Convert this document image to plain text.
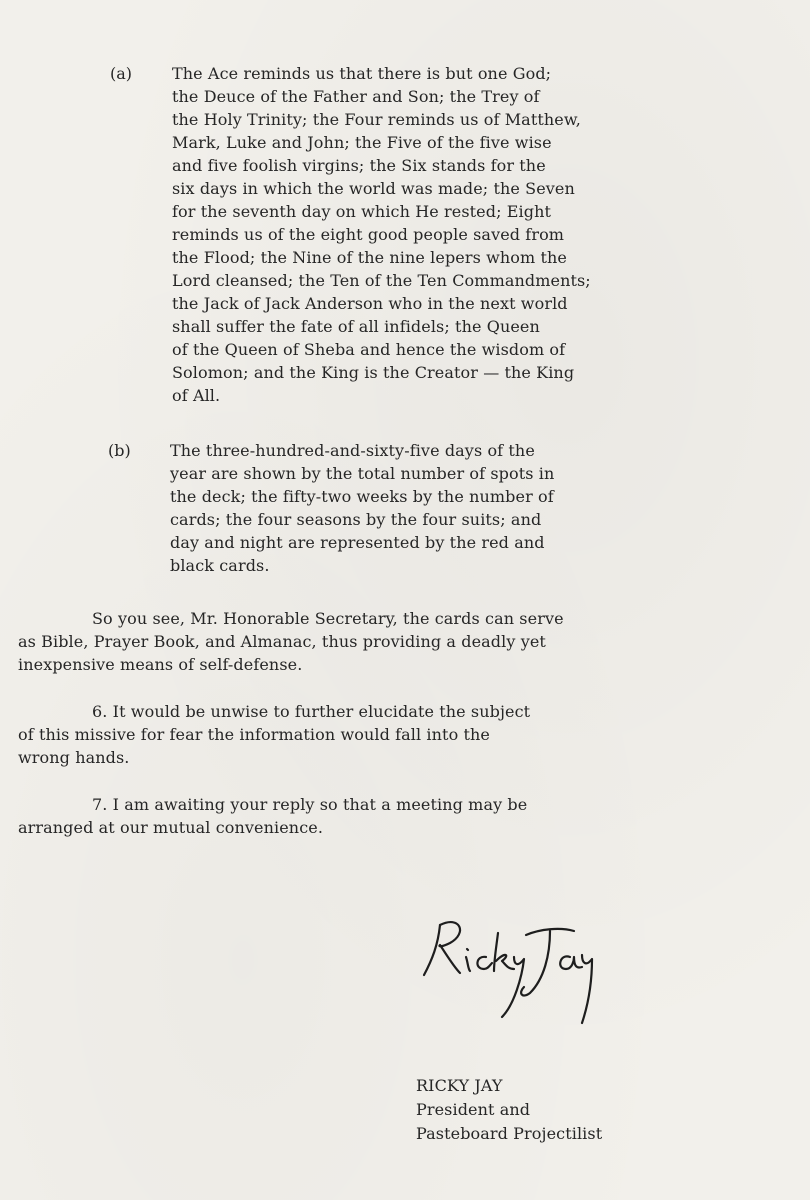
(a) The Ace reminds us that there is but one God;
the Deuce of the Father and Son; the Trey of
the Holy Trinity; the Four reminds us of Matthew,
Mark, Luke and John; the Five of the five wise
and five foolish virgins; the Six stands for the
six days in which the world was made; the Seven
for the seventh day on which He rested; Eight
reminds us of the eight good people saved from
the Flood; the Nine of the nine lepers whom the
Lord cleansed; the Ten of the Ten Commandments;
the Jack of Jack Anderson who in the next world
shall suffer the fate of all infidels; the Queen
of the Queen of Sheba and hence the wisdom of
Solomon; and the King is the Creator — the King
of All.
(b) The three-hundred-and-sixty-five days of the
year are shown by the total number of spots in
the deck; the fifty-two weeks by the number of
cards; the four seasons by the four suits; and
day and night are represented by the red and
black cards.
So you see, Mr. Honorable Secretary, the cards can serve
as Bible, Prayer Book, and Almanac, thus providing a deadly yet
inexpensive means of self-defense.
6. It would be unwise to further elucidate the subject
of this missive for fear the information would fall into the
wrong hands.
7. I am awaiting your reply so that a meeting may be
arranged at our mutual convenience.
RICKY JAY
President and
Pasteboard Projectilist
